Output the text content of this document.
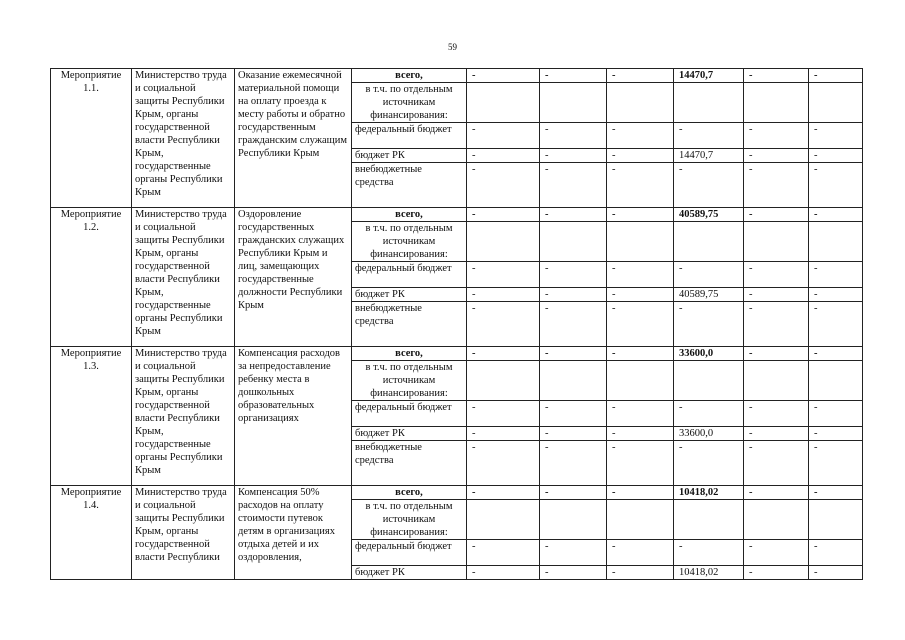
59
Мероприятие 1.1.	Министерство труда и социальной защиты Республики Крым, органы государственной власти Республики Крым, государственные органы Республики Крым	Оказание ежемесячной материальной помощи на оплату проезда к месту работы и обратно государственным гражданским служащим Республики Крым	всего,	-	-	-	14470,7	-	-
			в т.ч. по отдельным источникам финансирования:						
			федеральный бюджет	-	-	-	-	-	-
			бюджет РК	-	-	-	14470,7	-	-
			внебюджетные средства	-	-	-	-	-	-
Мероприятие 1.2.	Министерство труда и социальной защиты Республики Крым, органы государственной власти Республики Крым, государственные органы Республики Крым	Оздоровление государственных гражданских служащих Республики Крым и лиц, замещающих государственные должности Республики Крым	всего,	-	-	-	40589,75	-	-
			в т.ч. по отдельным источникам финансирования:						
			федеральный бюджет	-	-	-	-	-	-
			бюджет РК	-	-	-	40589,75	-	-
			внебюджетные средства	-	-	-	-	-	-
Мероприятие 1.3.	Министерство труда и социальной защиты Республики Крым, органы государственной власти Республики Крым, государственные органы Республики Крым	Компенсация расходов за непредоставление ребенку места в дошкольных образовательных организациях	всего,	-	-	-	33600,0	-	-
			в т.ч. по отдельным источникам финансирования:						
			федеральный бюджет	-	-	-	-	-	-
			бюджет РК	-	-	-	33600,0	-	-
			внебюджетные средства	-	-	-	-	-	-
Мероприятие 1.4.	Министерство труда и социальной защиты Республики Крым, органы государственной власти Республики	Компенсация 50% расходов на оплату стоимости путевок детям в организациях отдыха детей и их оздоровления,	всего,	-	-	-	10418,02	-	-
			в т.ч. по отдельным источникам финансирования:						
			федеральный бюджет	-	-	-	-	-	-
			бюджет РК	-	-	-	10418,02	-	-
